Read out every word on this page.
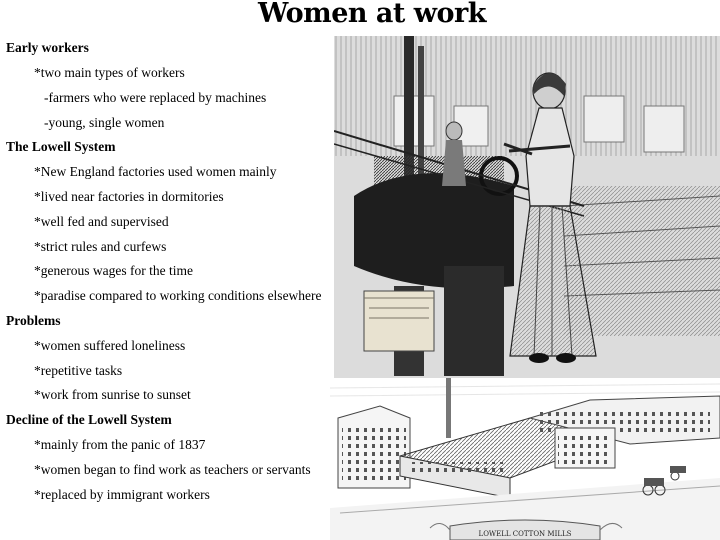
Women at work
Early workers
*two main types of workers
-farmers who were replaced by machines
-young, single women
The Lowell System
*New England factories used women mainly
*lived near factories in dormitories
*well fed and supervised
*strict rules and curfews
*generous wages for the time
*paradise compared to working conditions elsewhere
Problems
*women suffered loneliness
*repetitive tasks
*work from sunrise to sunset
Decline of the Lowell System
*mainly from the panic of 1837
*women began to find work as teachers or servants
*replaced by immigrant workers
LOWELL COTTON MILLS
